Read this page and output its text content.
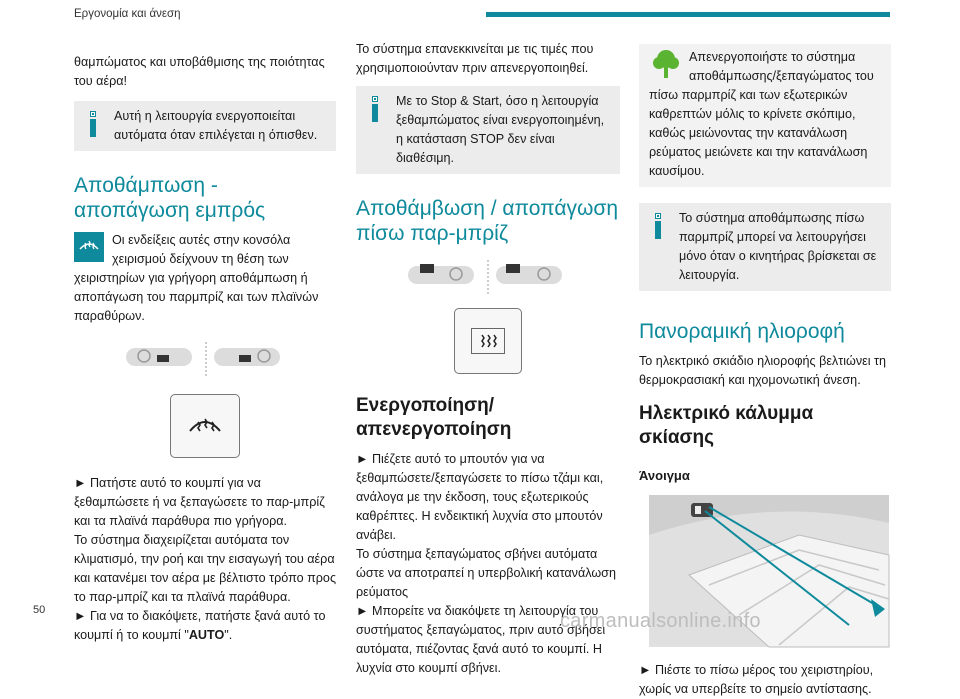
Εργονομία και άνεση
θαμπώματος και υποβάθμισης της ποιότητας του αέρα!
Αυτή η λειτουργία ενεργοποιείται αυτόματα όταν επιλέγεται η όπισθεν.
Αποθάμπωση - αποπάγωση εμπρός
Οι ενδείξεις αυτές στην κονσόλα χειρισμού δείχνουν τη θέση των χειριστηρίων για γρήγορη αποθάμπωση ή αποπάγωση του παρμπρίζ και των πλαϊνών παραθύρων.
► Πατήστε αυτό το κουμπί για να ξεθαμπώσετε ή να ξεπαγώσετε το παρ-μπρίζ και τα πλαϊνά παράθυρα πιο γρήγορα.
Το σύστημα διαχειρίζεται αυτόματα τον κλιματισμό, την ροή και την εισαγωγή του αέρα και κατανέμει τον αέρα με βέλτιστο τρόπο προς το παρ-μπρίζ και τα πλαϊνά παράθυρα.
► Για να το διακόψετε, πατήστε ξανά αυτό το κουμπί ή το κουμπί "AUTO".
Το σύστημα επανεκκινείται με τις τιμές που χρησιμοποιούνταν πριν απενεργοποιηθεί.
Με το Stop & Start, όσο η λειτουργία ξεθαμπώματος είναι ενεργοποιημένη, η κατάσταση STOP δεν είναι διαθέσιμη.
Αποθάμβωση / αποπάγωση πίσω παρ-μπρίζ
Ενεργοποίηση/απενεργοποίηση
► Πιέζετε αυτό το μπουτόν για να ξεθαμπώσετε/ξεπαγώσετε το πίσω τζάμι και, ανάλογα με την έκδοση, τους εξωτερικούς καθρέπτες. Η ενδεικτική λυχνία στο μπουτόν ανάβει.
Το σύστημα ξεπαγώματος σβήνει αυτόματα ώστε να αποτραπεί η υπερβολική κατανάλωση ρεύματος
► Μπορείτε να διακόψετε τη λειτουργία του συστήματος ξεπαγώματος, πριν αυτό σβήσει αυτόματα, πιέζοντας ξανά αυτό το κουμπί. Η λυχνία στο κουμπί σβήνει.
Απενεργοποιήστε το σύστημα αποθάμπωσης/ξεπαγώματος του πίσω παρμπρίζ και των εξωτερικών καθρεπτών μόλις το κρίνετε σκόπιμο, καθώς μειώνοντας την κατανάλωση ρεύματος μειώνετε και την κατανάλωση καυσίμου.
Το σύστημα αποθάμπωσης πίσω παρμπρίζ μπορεί να λειτουργήσει μόνο όταν ο κινητήρας βρίσκεται σε λειτουργία.
Πανοραμική ηλιοροφή
Το ηλεκτρικό σκιάδιο ηλιοροφής βελτιώνει τη θερμοκρασιακή και ηχομονωτική άνεση.
Ηλεκτρικό κάλυμμα σκίασης
Άνοιγμα
► Πιέστε το πίσω μέρος του χειριστηρίου, χωρίς να υπερβείτε το σημείο αντίστασης.
50	carmanualsonline.info
